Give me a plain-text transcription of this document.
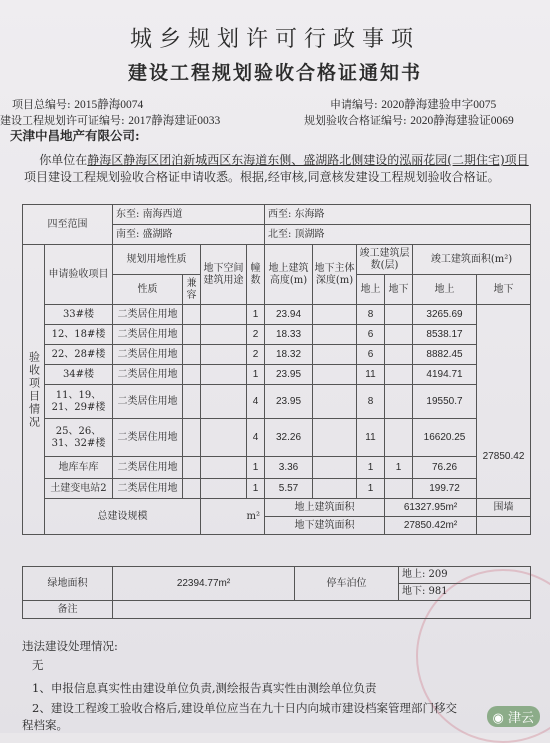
城乡规划许可行政事项
建设工程规划验收合格证通知书
项目总编号: 2015静海0074	申请编号: 2020静海建验申字0075
建设工程规划许可证编号: 2017静海建证0033	规划验收合格证编号: 2020静海建验证0069
天津中昌地产有限公司:
你单位在静海区静海区团泊新城西区东海道东侧、盛湖路北侧建设的泓丽花园(二期住宅)项目项目建设工程规划验收合格证申请收悉。根据,经审核,同意核发建设工程规划验收合格证。
四至范围		东至: 南海西道				西至: 东海路					
		南至: 盛湖路				北至: 顶湖路					

验收项目情况	申请验收项目	规划用地性质		地下空间建筑用途	幢数	地上建筑高度(m)	地下主体深度(m)	竣工建筑层数(层)		竣工建筑面积(m²)	
		性质	兼容					地上	地下	地上	地下
	33#楼	二类居住用地			1	23.94		8		3265.69	27850.42

	12、18#楼	二类居住用地			2	18.33		6		8538.17	
	22、28#楼	二类居住用地			2	18.32		6		8882.45	
	34#楼	二类居住用地			1	23.95		11		4194.71	
	11、19、21、29#楼	二类居住用地			4	23.95		8		19550.7	
	25、26、31、32#楼	二类居住用地			4	32.26		11		16620.25	
	地库车库	二类居住用地			1	3.36		1	1	76.26	
	土建变电站2	二类居住用地			1	5.57		1		199.72	
	总建设规模			m²		地上建筑面积			61327.95m²		围墙
						地下建筑面积			27850.42m²		
绿地面积	22394.77m²	停车泊位	地上: 209
			地下: 981
备注			
违法建设处理情况:
无
1、申报信息真实性由建设单位负责,测绘报告真实性由测绘单位负责
2、建设工程竣工验收合格后,建设单位应当在九十日内向城市建设档案管理部门移交
程档案。	◉ 津云
